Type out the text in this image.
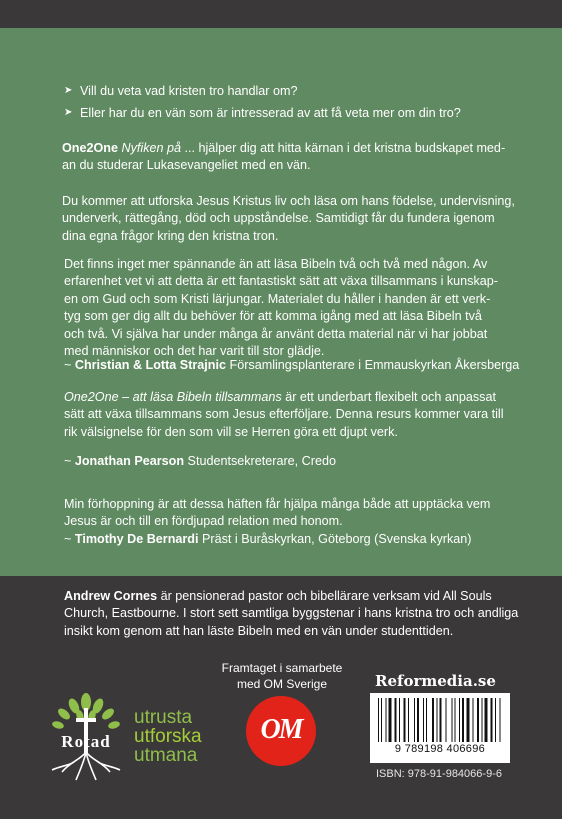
➤ Vill du veta vad kristen tro handlar om?
➤ Eller har du en vän som är intresserad av att få veta mer om din tro?
One2One Nyfiken på ... hjälper dig att hitta kärnan i det kristna budskapet med-
an du studerar Lukasevangeliet med en vän.
Du kommer att utforska Jesus Kristus liv och läsa om hans födelse, undervisning,
underverk, rättegång, död och uppståndelse. Samtidigt får du fundera igenom
dina egna frågor kring den kristna tron.
Det finns inget mer spännande än att läsa Bibeln två och två med någon. Av
erfarenhet vet vi att detta är ett fantastiskt sätt att växa tillsammans i kunskap-
en om Gud och som Kristi lärjungar. Materialet du håller i handen är ett verk-
tyg som ger dig allt du behöver för att komma igång med att läsa Bibeln två
och två. Vi själva har under många år använt detta material när vi har jobbat
med människor och det har varit till stor glädje.
~ Christian & Lotta Strajnic Församlingsplanterare i Emmauskyrkan Åkersberga
One2One – att läsa Bibeln tillsammans är ett underbart flexibelt och anpassat
sätt att växa tillsammans som Jesus efterföljare. Denna resurs kommer vara till
rik välsignelse för den som vill se Herren göra ett djupt verk.
~ Jonathan Pearson Studentsekreterare, Credo
Min förhoppning är att dessa häften får hjälpa många både att upptäcka vem
Jesus är och till en fördjupad relation med honom.
~ Timothy De Bernardi Präst i Buråskyrkan, Göteborg (Svenska kyrkan)
Andrew Cornes är pensionerad pastor och bibellärare verksam vid All Souls
Church, Eastbourne. I stort sett samtliga byggstenar i hans kristna tro och andliga
insikt kom genom att han läste Bibeln med en vän under studenttiden.
Rotad
utrusta
utforska
utmana
Framtaget i samarbete
med OM Sverige
OM
Reformedia.se
9 789198 406696
ISBN: 978-91-984066-9-6
